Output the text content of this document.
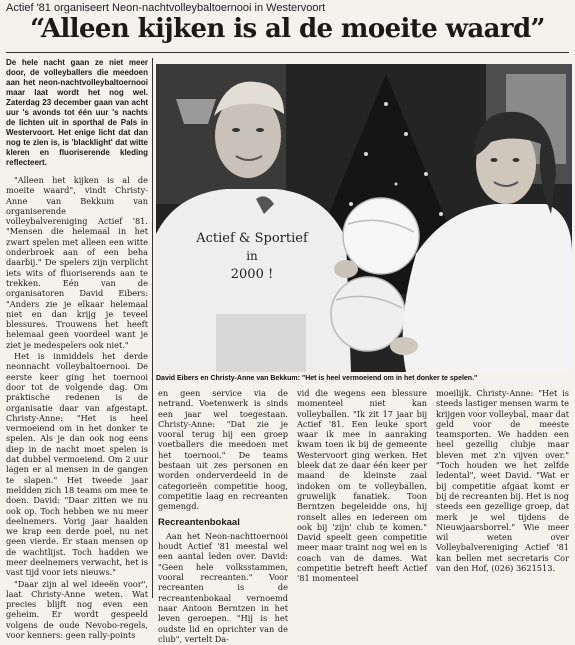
Actief '81 organiseert Neon-nachtvolleybaltoernooi in Westervoort
“Alleen kijken is al de moeite waard”
Actief & Sportief
in
2000 !
David Eibers en Christy-Anne van Bekkum: "Het is heel vermoeiend om in het donker te spelen."

De hele nacht gaan ze niet meer door, de volleyballers die meedoen aan het neon-nachtvolleybaltoernooi maar laat wordt het nog wel. Zaterdag 23 december gaan van acht uur 's avonds tot één uur 's nachts de lichten uit in sporthal de Pals in Westervoort. Het enige licht dat dan nog te zien is, is 'blacklight' dat witte kleren en fluoriserende kleding reflecteert.

"Alleen het kijken is al de moeite waard", vindt Christy-Anne van Bekkum van organiserende volleybalvereniging Actief '81. "Mensen die helemaal in het zwart spelen met alleen een witte onderbroek aan of een beha daarbij." De spelers zijn verplicht iets wits of fluoriserends aan te trekken. Eén van de organisatoren David Eibers: "Anders zie je elkaar helemaal niet en dan krijg je teveel blessures. Trouwens het heeft helemaal geen voordeel want je ziet je medespelers ook niet."

Het is inmiddels het derde neonnacht volleybaltoernooi. De eerste keer ging het toernooi door tot de volgende dag. Om praktische redenen is de organisatie daar van afgestapt. Christy-Anne: "Het is heel vermoeiend om in het donker te spelen. Als je dan ook nog eens diep in de nacht moet spelen is dat dubbel vermoeiend. Om 2 uur lagen er al mensen in de gangen te slapen." Het tweede jaar meldden zich 18 teams om mee te doen. David: "Daar zitten we nu ook op. Toch hebben we nu meer deelnemers. Vorig jaar haalden we krap een derde poel, nu net geen vierde. Er staan mensen op de wachtlijst. Toch hadden we meer deelnemers verwacht, het is vast tijd voor iets nieuws."

"Daar zijn al wel ideeën voor", laat Christy-Anne weten. Wat precies blijft nog even een geheim. Er wordt gespeeld volgens de oude Nevobo-regels, voor kenners: geen rally-points

en geen service via de netrand. Voetenwerk is sinds een jaar wel toegestaan. Christy-Anne: "Dat zie je vooral terug bij een groep voetballers die meedoen met het toernooi." De teams bestaan uit zes personen en worden onderverdeeld in de categorieën competitie hoog, competitie laag en recreanten gemengd.

Recreantenbokaal

Aan het Neon-nachttoernooi houdt Actief '81 meestal wel een aantal leden over. David: "Geen hele volksstammen, vooral recreanten." Voor recreanten is de recreantenbokaal vernoemd naar Antoon Berntzen in het leven geroepen. "Hij is het oudste lid en oprichter van de club", vertelt Da-

vid die wegens een blessure momenteel niet kan volleyballen. "Ik zit 17 jaar bij Actief '81. Een leuke sport waar ik mee in aanraking kwam toen ik bij de gemeente Westervoort ging werken. Het bleek dat ze daar één keer per maand de kleinste zaal indoken om te volleyballen, gruwelijk fanatiek. Toon Berntzen begeleidde ons, hij ronselt alles en iedereen om ook bij 'zijn' club te komen." David speelt geen competitie meer maar traint nog wel en is coach van de dames. Wat competitie betreft heeft Actief '81 momenteel

moeilijk. Christy-Anne: "Het is steeds lastiger mensen warm te krijgen voor volleybal, maar dat geld voor de meeste teamsporten. We hadden een heel gezellig clubje maar bleven met z'n vijven over." "Toch houden we het zelfde ledental", weet David. "Wat er bij competitie afgaat komt er bij de recreanten bij. Het is nog steeds een gezellige groep, dat merk je wel tijdens de Nieuwjaarsborrel." Wie meer wil weten over Volleybalvereniging Actief '81 kan bellen met secretaris Cor van den Hof, (026) 3621513.
